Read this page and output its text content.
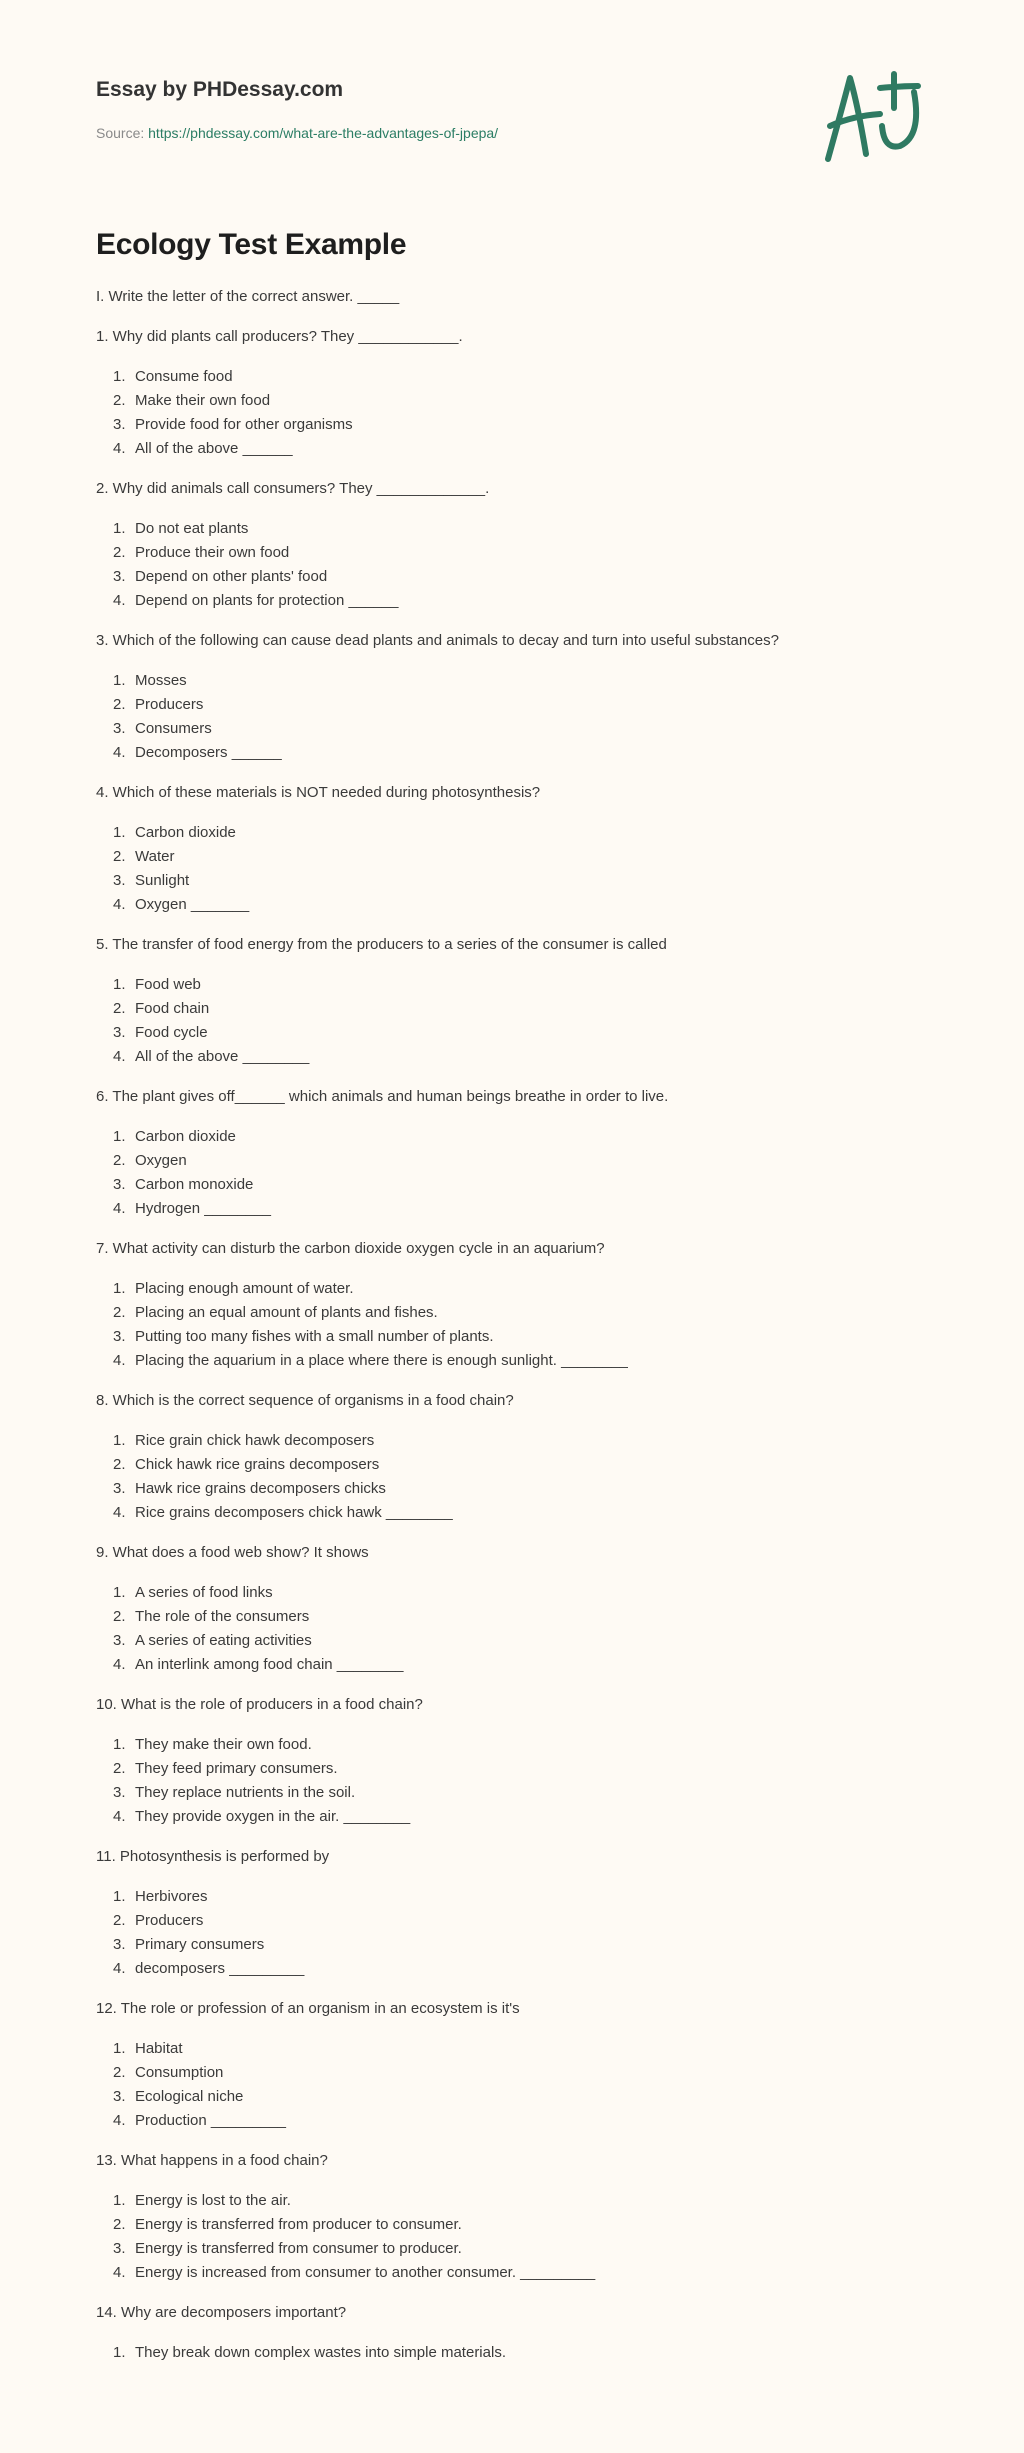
Essay by PHDessay.com
Source: https://phdessay.com/what-are-the-advantages-of-jpepa/
Ecology Test Example
I. Write the letter of the correct answer. _____
1. Why did plants call producers? They ____________.
1. Consume food
2. Make their own food
3. Provide food for other organisms
4. All of the above ______
2. Why did animals call consumers? They _____________.
1. Do not eat plants
2. Produce their own food
3. Depend on other plants' food
4. Depend on plants for protection ______
3. Which of the following can cause dead plants and animals to decay and turn into useful substances?
1. Mosses
2. Producers
3. Consumers
4. Decomposers ______
4. Which of these materials is NOT needed during photosynthesis?
1. Carbon dioxide
2. Water
3. Sunlight
4. Oxygen _______
5. The transfer of food energy from the producers to a series of the consumer is called
1. Food web
2. Food chain
3. Food cycle
4. All of the above ________
6. The plant gives off______ which animals and human beings breathe in order to live.
1. Carbon dioxide
2. Oxygen
3. Carbon monoxide
4. Hydrogen ________
7. What activity can disturb the carbon dioxide oxygen cycle in an aquarium?
1. Placing enough amount of water.
2. Placing an equal amount of plants and fishes.
3. Putting too many fishes with a small number of plants.
4. Placing the aquarium in a place where there is enough sunlight. ________
8. Which is the correct sequence of organisms in a food chain?
1. Rice grain chick hawk decomposers
2. Chick hawk rice grains decomposers
3. Hawk rice grains decomposers chicks
4. Rice grains decomposers chick hawk ________
9. What does a food web show? It shows
1. A series of food links
2. The role of the consumers
3. A series of eating activities
4. An interlink among food chain ________
10. What is the role of producers in a food chain?
1. They make their own food.
2. They feed primary consumers.
3. They replace nutrients in the soil.
4. They provide oxygen in the air. ________
11. Photosynthesis is performed by
1. Herbivores
2. Producers
3. Primary consumers
4. decomposers _________
12. The role or profession of an organism in an ecosystem is it's
1. Habitat
2. Consumption
3. Ecological niche
4. Production _________
13. What happens in a food chain?
1. Energy is lost to the air.
2. Energy is transferred from producer to consumer.
3. Energy is transferred from consumer to producer.
4. Energy is increased from consumer to another consumer. _________
14. Why are decomposers important?
1. They break down complex wastes into simple materials.
